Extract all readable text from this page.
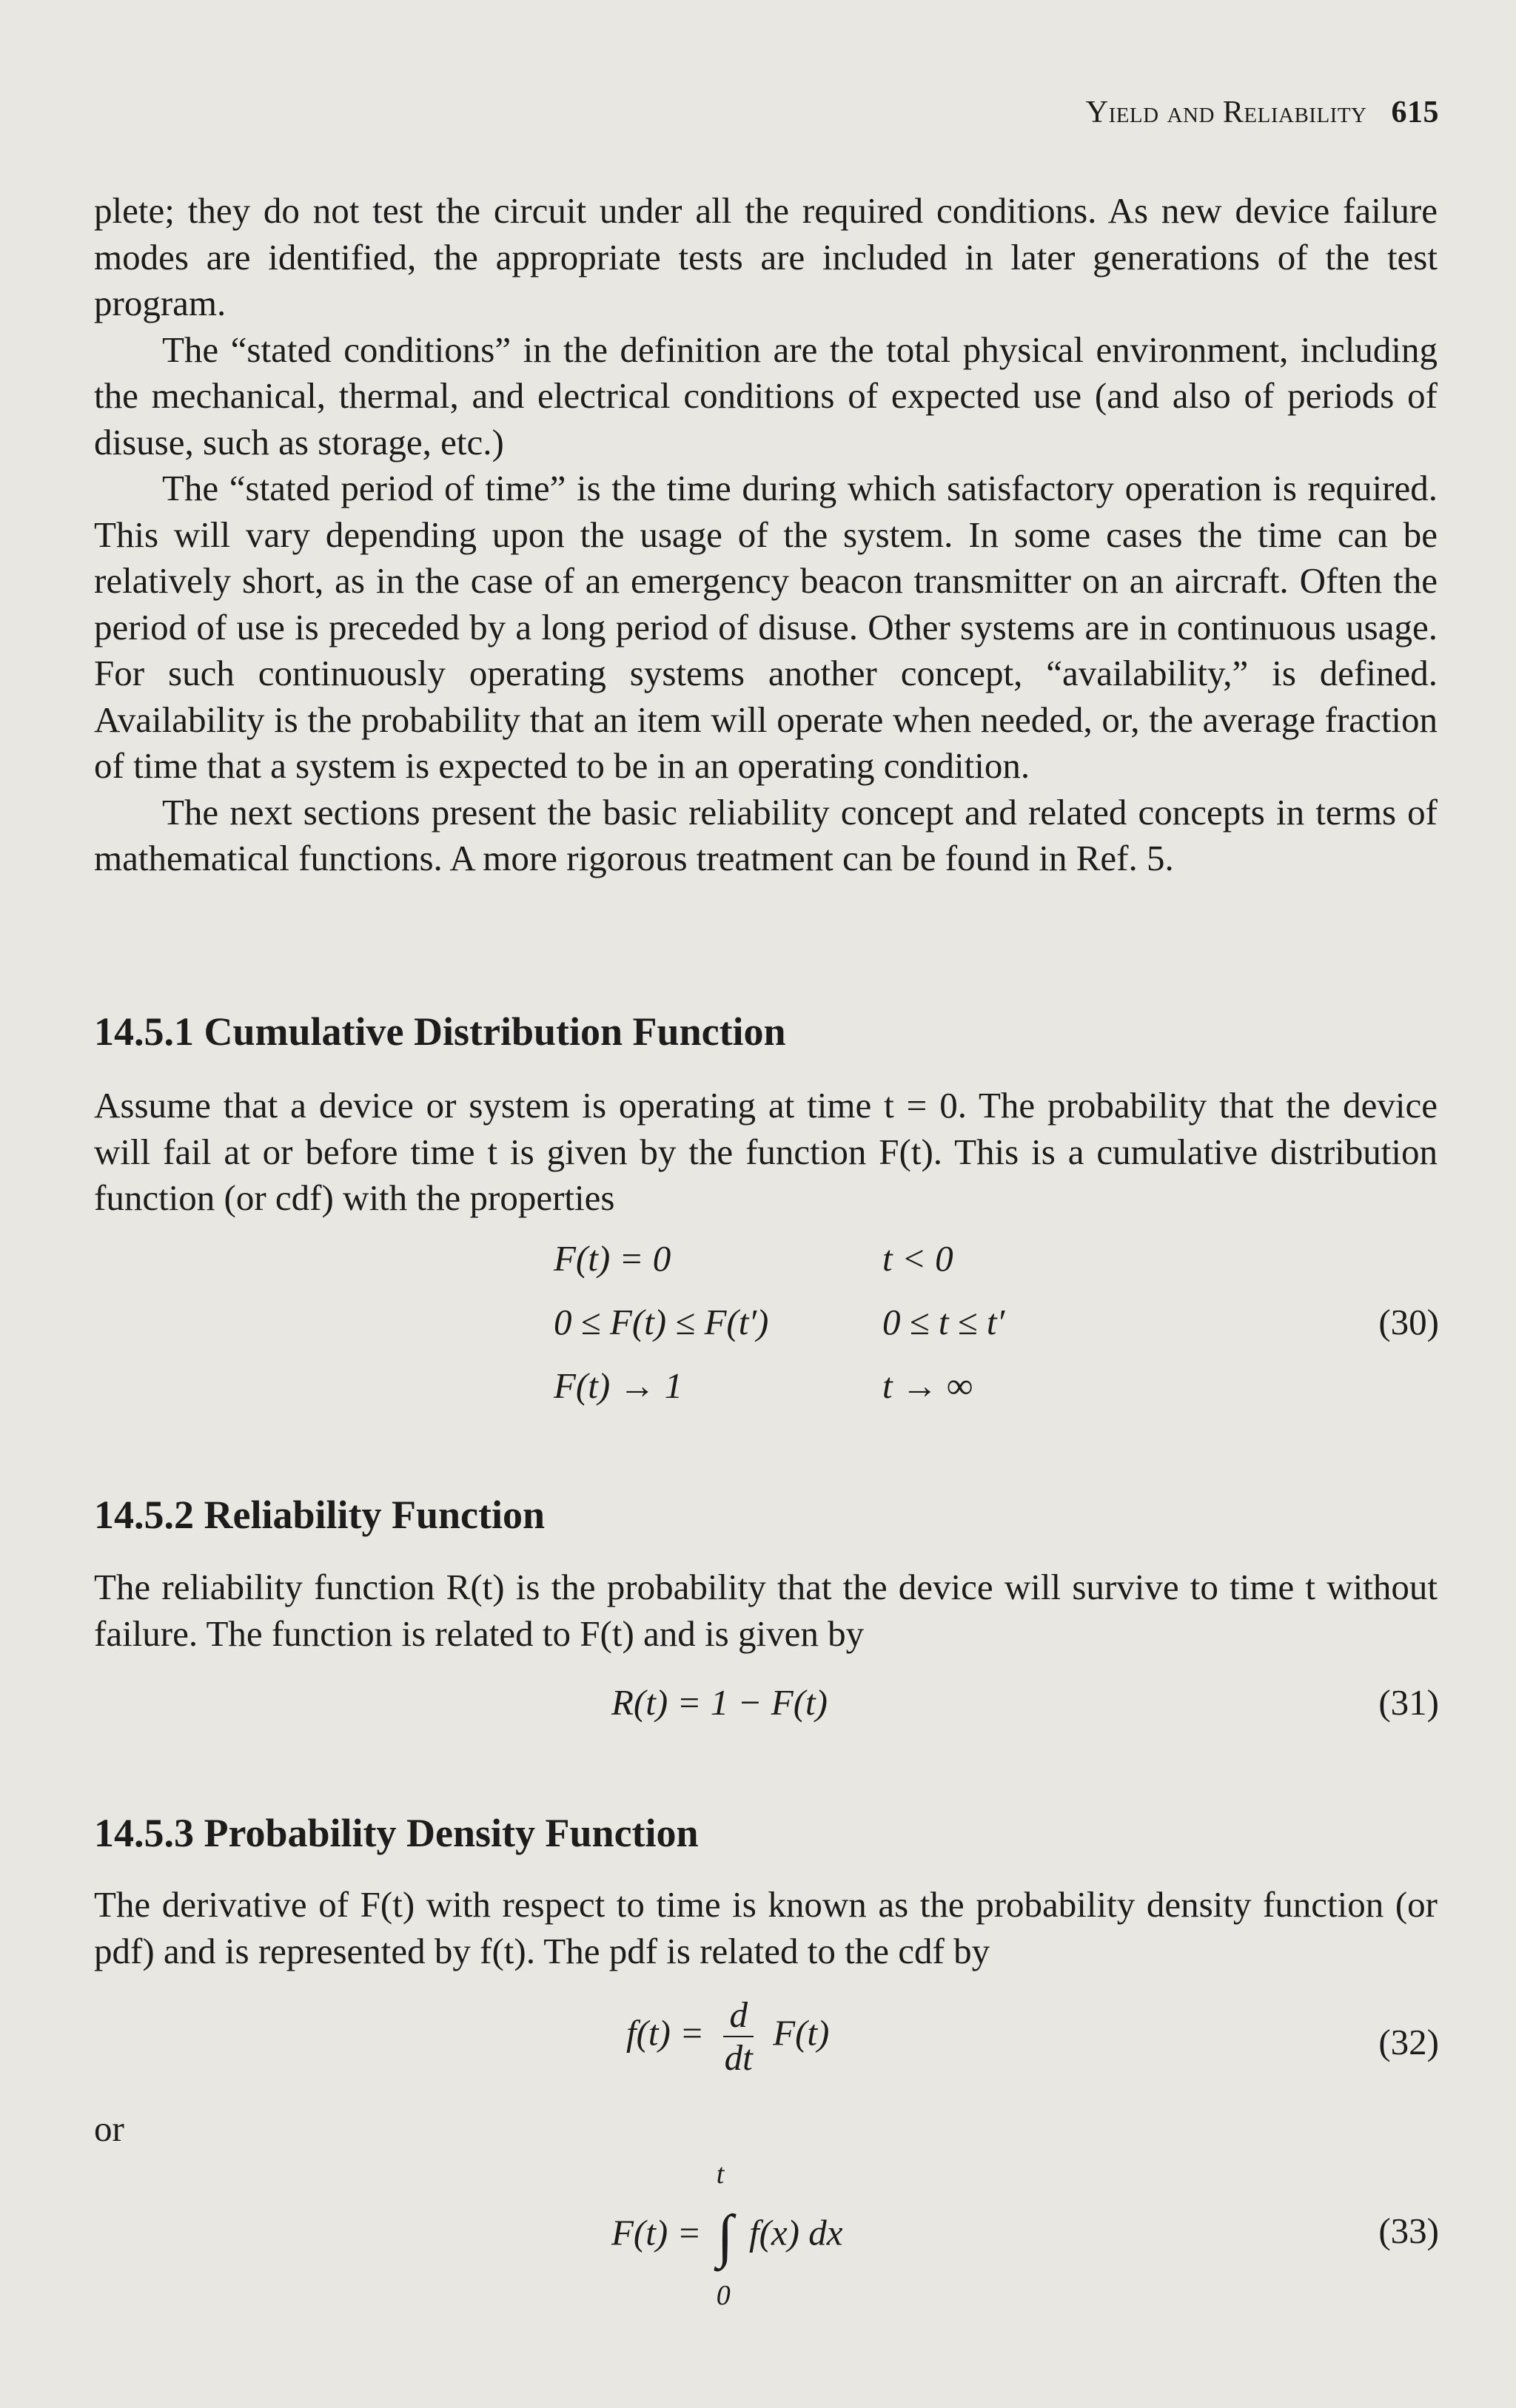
Yield and Reliability 615

plete; they do not test the circuit under all the required conditions. As new device failure modes are identified, the appropriate tests are included in later generations of the test program.

The “stated conditions” in the definition are the total physical environment, including the mechanical, thermal, and electrical conditions of expected use (and also of periods of disuse, such as storage, etc.)

The “stated period of time” is the time during which satisfactory operation is required. This will vary depending upon the usage of the system. In some cases the time can be relatively short, as in the case of an emergency beacon transmitter on an aircraft. Often the period of use is preceded by a long period of disuse. Other systems are in continuous usage. For such continuously operating systems another concept, “availability,” is defined. Availability is the probability that an item will operate when needed, or, the average fraction of time that a system is expected to be in an operating condition.

The next sections present the basic reliability concept and related concepts in terms of mathematical functions. A more rigorous treatment can be found in Ref. 5.

14.5.1 Cumulative Distribution Function

Assume that a device or system is operating at time t = 0. The probability that the device will fail at or before time t is given by the function F(t). This is a cumulative distribution function (or cdf) with the properties

F(t) = 0	t < 0
0 ≤ F(t) ≤ F(t′)	0 ≤ t ≤ t′
F(t) → 1	t → ∞
(30)
14.5.2 Reliability Function

The reliability function R(t) is the probability that the device will survive to time t without failure. The function is related to F(t) and is given by

R(t) = 1 − F(t)	(31)
14.5.3 Probability Density Function

The derivative of F(t) with respect to time is known as the probability density function (or pdf) and is represented by f(t). The pdf is related to the cdf by

$f(t) = \frac{d}{dt} F(t)$	(32)
or
F(t) =
t
∫
0
f(x) dx	(33)
